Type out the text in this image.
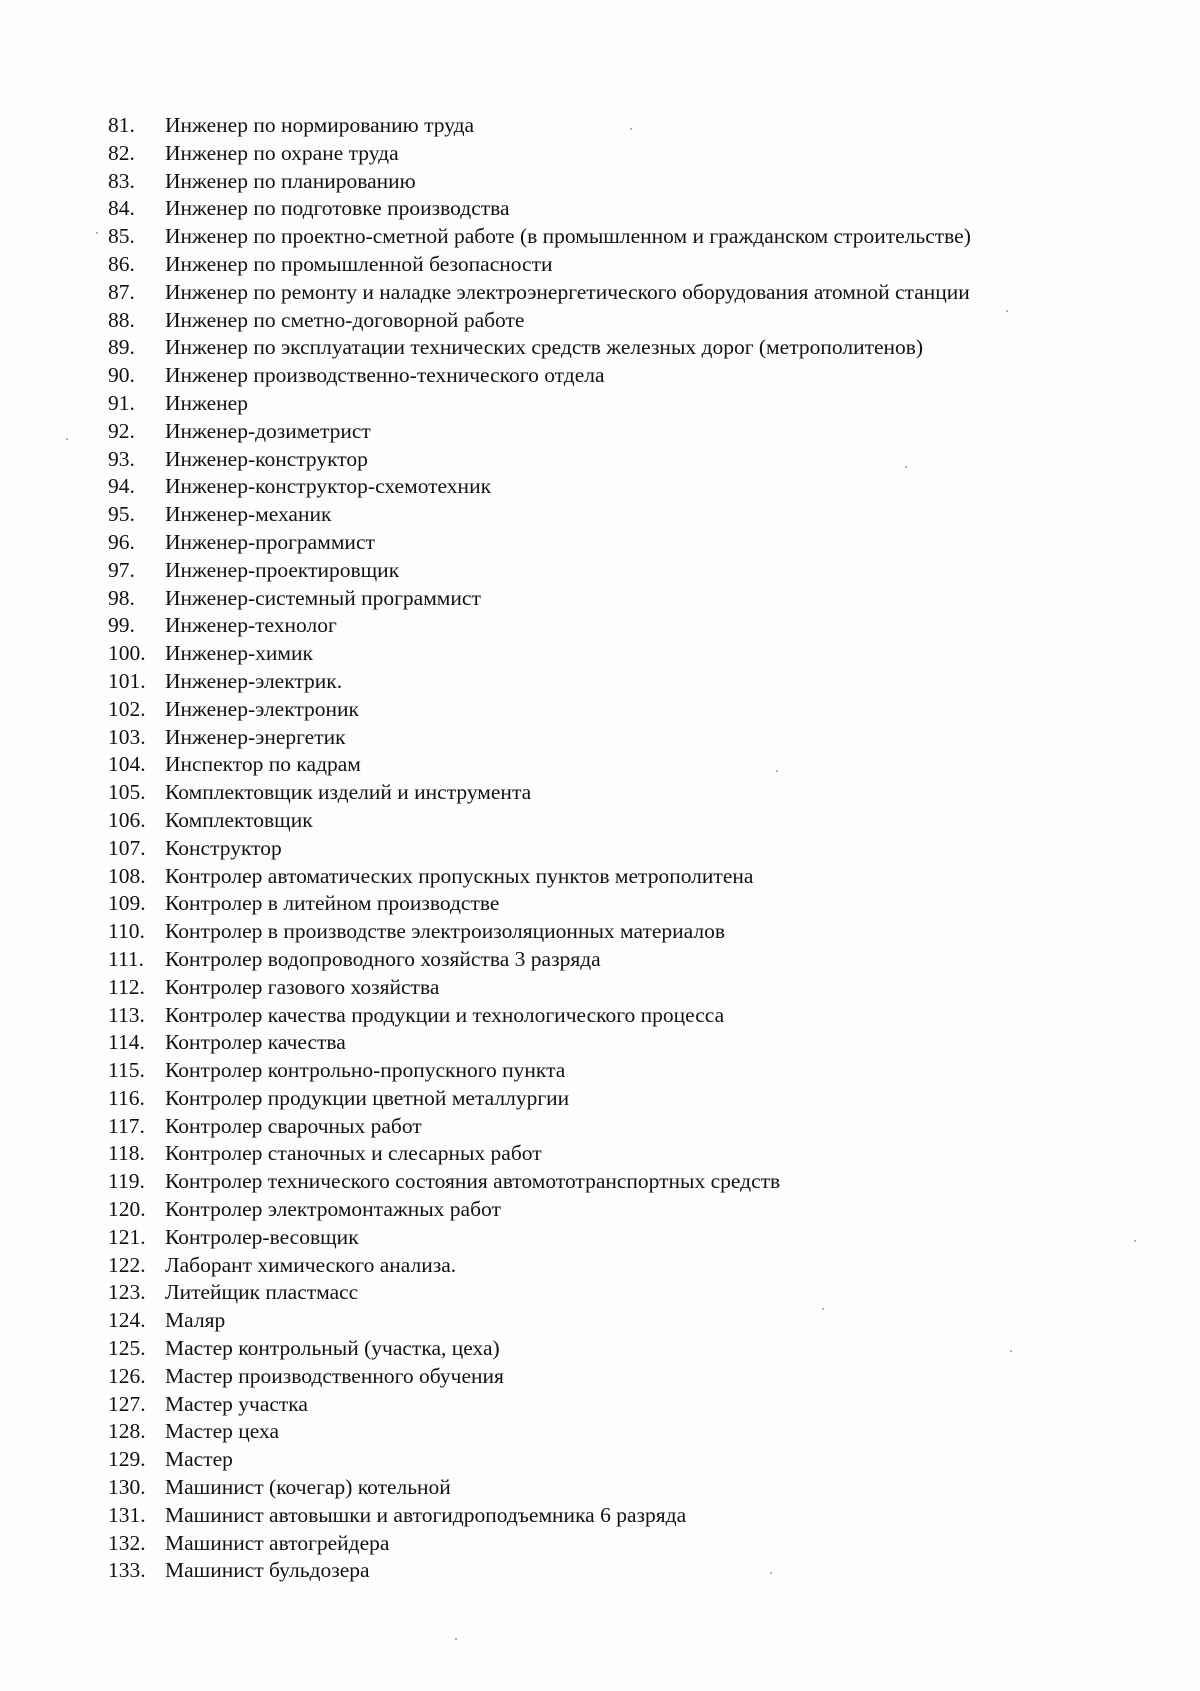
81.	Инженер по нормированию труда
82.	Инженер по охране труда
83.	Инженер по планированию
84.	Инженер по подготовке производства
85.	Инженер по проектно-сметной работе (в промышленном и гражданском строительстве)
86.	Инженер по промышленной безопасности
87.	Инженер по ремонту и наладке электроэнергетического оборудования атомной станции
88.	Инженер по сметно-договорной работе
89.	Инженер по эксплуатации технических средств железных дорог (метрополитенов)
90.	Инженер производственно-технического отдела
91.	Инженер
92.	Инженер-дозиметрист
93.	Инженер-конструктор
94.	Инженер-конструктор-схемотехник
95.	Инженер-механик
96.	Инженер-программист
97.	Инженер-проектировщик
98.	Инженер-системный программист
99.	Инженер-технолог
100. Инженер-химик
101. Инженер-электрик.
102. Инженер-электроник
103. Инженер-энергетик
104. Инспектор по кадрам
105. Комплектовщик изделий и инструмента
106. Комплектовщик
107. Конструктор
108. Контролер автоматических пропускных пунктов метрополитена
109. Контролер в литейном производстве
110. Контролер в производстве электроизоляционных материалов
111. Контролер водопроводного хозяйства 3 разряда
112. Контролер газового хозяйства
113. Контролер качества продукции и технологического процесса
114. Контролер качества
115. Контролер контрольно-пропускного пункта
116. Контролер продукции цветной металлургии
117. Контролер сварочных работ
118. Контролер станочных и слесарных работ
119. Контролер технического состояния автомототранспортных средств
120. Контролер электромонтажных работ
121. Контролер-весовщик
122. Лаборант химического анализа.
123. Литейщик пластмасс
124. Маляр
125. Мастер контрольный (участка, цеха)
126. Мастер производственного обучения
127. Мастер участка
128. Мастер цеха
129. Мастер
130. Машинист (кочегар) котельной
131. Машинист автовышки и автогидроподъемника 6 разряда
132. Машинист автогрейдера
133. Машинист бульдозера
